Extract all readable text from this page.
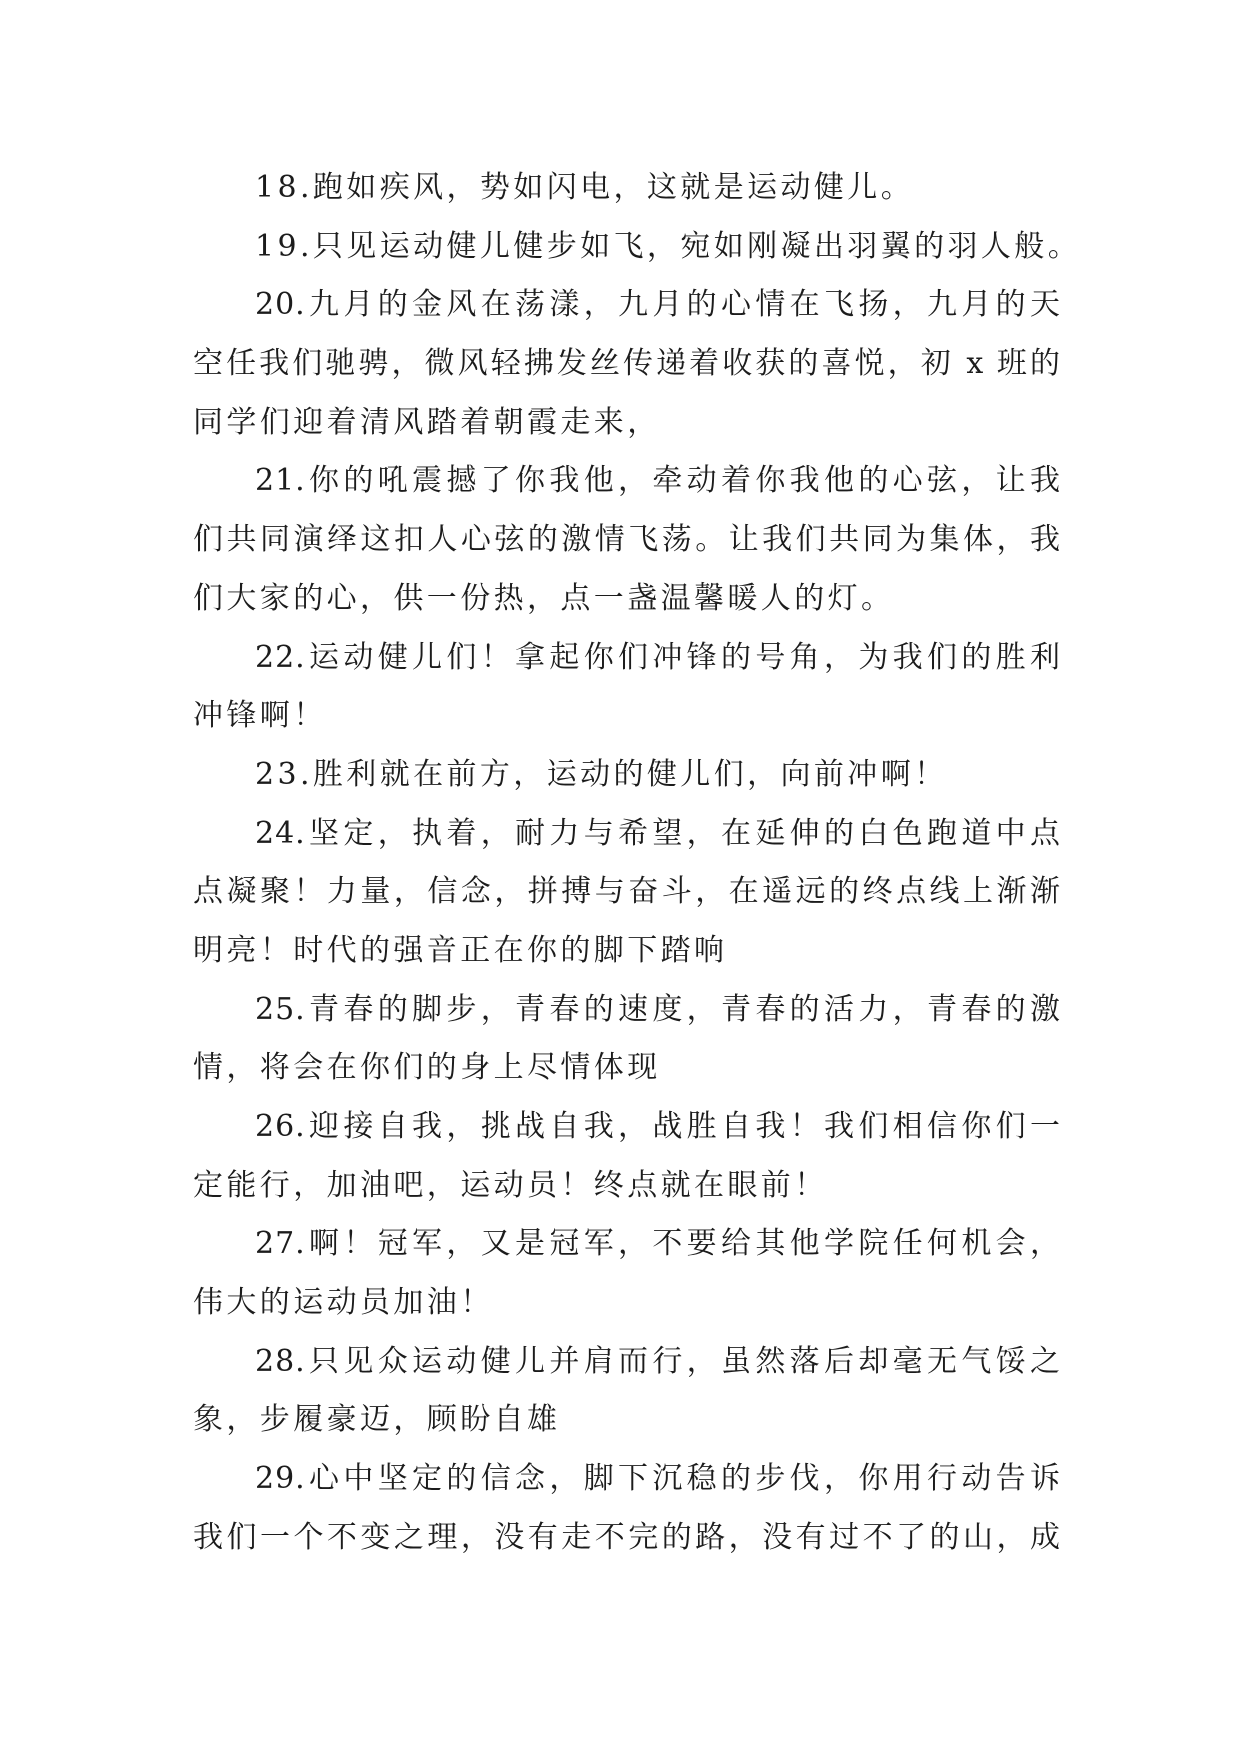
18.跑如疾风，势如闪电，这就是运动健儿。
19.只见运动健儿健步如飞，宛如刚凝出羽翼的羽人般。
20.九月的金风在荡漾，九月的心情在飞扬，九月的天
空任我们驰骋，微风轻拂发丝传递着收获的喜悦，初 x 班的
同学们迎着清风踏着朝霞走来，
21.你的吼震撼了你我他，牵动着你我他的心弦，让我
们共同演绎这扣人心弦的激情飞荡。让我们共同为集体，我
们大家的心，供一份热，点一盏温馨暖人的灯。
22.运动健儿们！拿起你们冲锋的号角，为我们的胜利
冲锋啊！
23.胜利就在前方，运动的健儿们，向前冲啊！
24.坚定，执着，耐力与希望，在延伸的白色跑道中点
点凝聚！力量，信念，拼搏与奋斗，在遥远的终点线上渐渐
明亮！时代的强音正在你的脚下踏响
25.青春的脚步，青春的速度，青春的活力，青春的激
情，将会在你们的身上尽情体现
26.迎接自我，挑战自我，战胜自我！我们相信你们一
定能行，加油吧，运动员！终点就在眼前！
27.啊！冠军，又是冠军，不要给其他学院任何机会，
伟大的运动员加油！
28.只见众运动健儿并肩而行，虽然落后却毫无气馁之
象，步履豪迈，顾盼自雄
29.心中坚定的信念，脚下沉稳的步伐，你用行动告诉
我们一个不变之理，没有走不完的路，没有过不了的山，成
